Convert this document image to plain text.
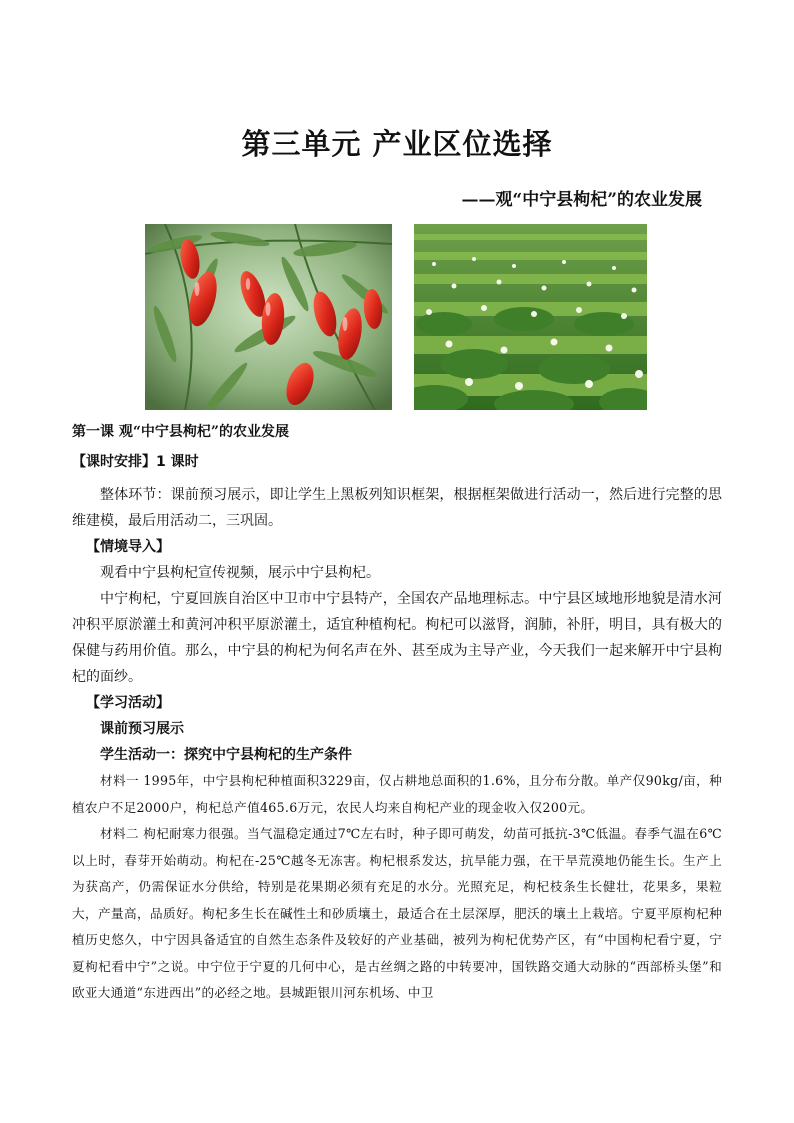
第三单元 产业区位选择
——观“中宁县枸杞”的农业发展
第一课 观“中宁县枸杞”的农业发展
【课时安排】1 课时

整体环节：课前预习展示，即让学生上黑板列知识框架，根据框架做进行活动一，然后进行完整的思维建模，最后用活动二，三巩固。

【情境导入】

观看中宁县枸杞宣传视频，展示中宁县枸杞。

中宁枸杞，宁夏回族自治区中卫市中宁县特产，全国农产品地理标志。中宁县区域地形地貌是清水河冲积平原淤灌土和黄河冲积平原淤灌土，适宜种植枸杞。枸杞可以滋肾，润肺，补肝，明目，具有极大的保健与药用价值。那么，中宁县的枸杞为何名声在外、甚至成为主导产业，今天我们一起来解开中宁县枸杞的面纱。

【学习活动】
课前预习展示
学生活动一：探究中宁县枸杞的生产条件

材料一 1995年，中宁县枸杞种植面积3229亩，仅占耕地总面积的1.6%，且分布分散。单产仅90kg/亩，种植农户不足2000户，枸杞总产值465.6万元，农民人均来自枸杞产业的现金收入仅200元。

材料二 枸杞耐寒力很强。当气温稳定通过7℃左右时，种子即可萌发，幼苗可抵抗-3℃低温。春季气温在6℃以上时，春芽开始萌动。枸杞在-25℃越冬无冻害。枸杞根系发达，抗旱能力强，在干旱荒漠地仍能生长。生产上为获高产，仍需保证水分供给，特别是花果期必须有充足的水分。光照充足，枸杞枝条生长健壮，花果多，果粒大，产量高，品质好。枸杞多生长在碱性土和砂质壤土，最适合在土层深厚，肥沃的壤土上栽培。宁夏平原枸杞种植历史悠久，中宁因具备适宜的自然生态条件及较好的产业基础，被列为枸杞优势产区，有“中国枸杞看宁夏，宁夏枸杞看中宁”之说。中宁位于宁夏的几何中心，是古丝绸之路的中转要冲，国铁路交通大动脉的“西部桥头堡”和欧亚大通道“东进西出”的必经之地。县城距银川河东机场、中卫
